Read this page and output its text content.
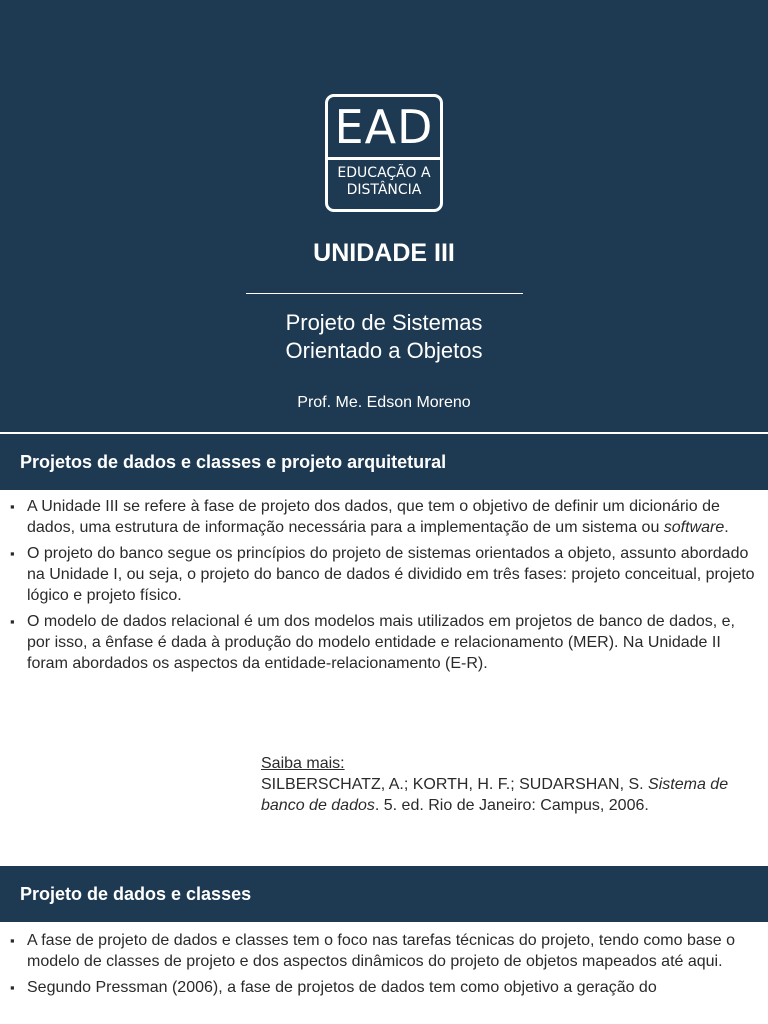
EAD
EDUCAÇÃO A
DISTÂNCIA
UNIDADE III
Projeto de Sistemas
Orientado a Objetos
Prof. Me. Edson Moreno
Projetos de dados e classes e projeto arquitetural
▪ A Unidade III se refere à fase de projeto dos dados, que tem o objetivo de definir um dicionário de dados, uma estrutura de informação necessária para a implementação de um sistema ou software.
▪ O projeto do banco segue os princípios do projeto de sistemas orientados a objeto, assunto abordado na Unidade I, ou seja, o projeto do banco de dados é dividido em três fases: projeto conceitual, projeto lógico e projeto físico.
▪ O modelo de dados relacional é um dos modelos mais utilizados em projetos de banco de dados, e, por isso, a ênfase é dada à produção do modelo entidade e relacionamento (MER). Na Unidade II foram abordados os aspectos da entidade-relacionamento (E-R).
Saiba mais:
SILBERSCHATZ, A.; KORTH, H. F.; SUDARSHAN, S. Sistema de banco de dados. 5. ed. Rio de Janeiro: Campus, 2006.
Projeto de dados e classes
▪ A fase de projeto de dados e classes tem o foco nas tarefas técnicas do projeto, tendo como base o modelo de classes de projeto e dos aspectos dinâmicos do projeto de objetos mapeados até aqui.
▪ Segundo Pressman (2006), a fase de projetos de dados tem como objetivo a geração do
